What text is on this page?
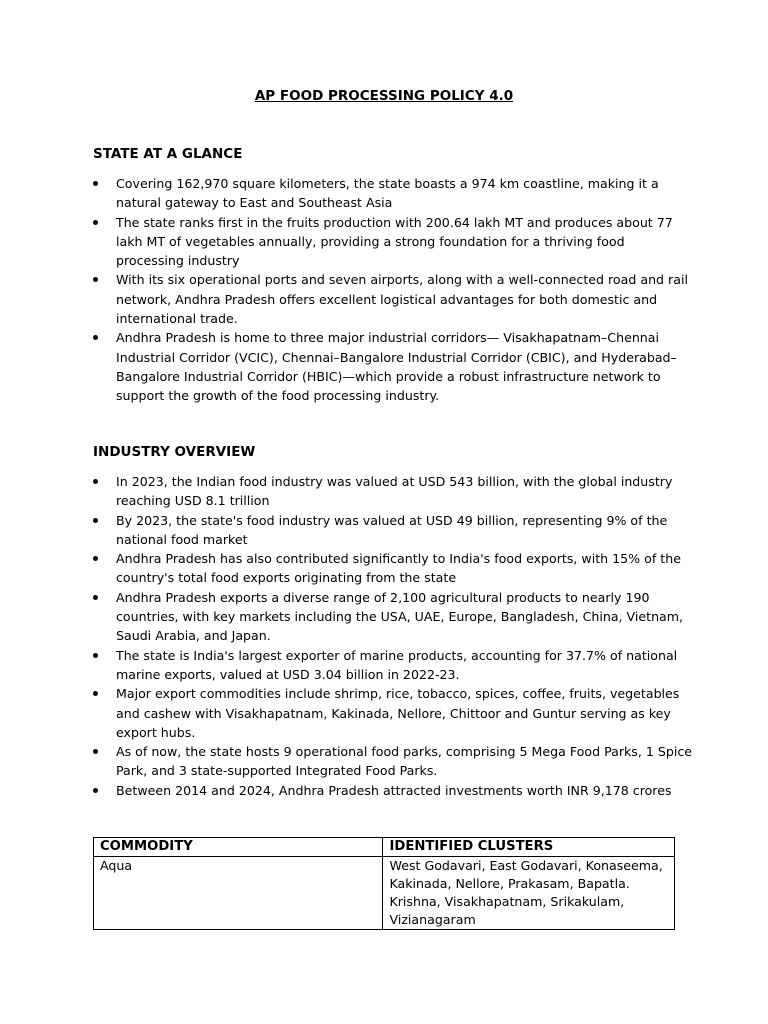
AP FOOD PROCESSING POLICY 4.0
STATE AT A GLANCE
Covering 162,970 square kilometers, the state boasts a 974 km coastline, making it a natural gateway to East and Southeast Asia
The state ranks first in the fruits production with 200.64 lakh MT and produces about 77 lakh MT of vegetables annually, providing a strong foundation for a thriving food processing industry
With its six operational ports and seven airports, along with a well-connected road and rail network, Andhra Pradesh offers excellent logistical advantages for both domestic and international trade.
Andhra Pradesh is home to three major industrial corridors— Visakhapatnam–Chennai Industrial Corridor (VCIC), Chennai–Bangalore Industrial Corridor (CBIC), and Hyderabad–Bangalore Industrial Corridor (HBIC)—which provide a robust infrastructure network to support the growth of the food processing industry.
INDUSTRY OVERVIEW
In 2023, the Indian food industry was valued at USD 543 billion, with the global industry reaching USD 8.1 trillion
By 2023, the state's food industry was valued at USD 49 billion, representing 9% of the national food market
Andhra Pradesh has also contributed significantly to India's food exports, with 15% of the country's total food exports originating from the state
Andhra Pradesh exports a diverse range of 2,100 agricultural products to nearly 190 countries, with key markets including the USA, UAE, Europe, Bangladesh, China, Vietnam, Saudi Arabia, and Japan.
The state is India's largest exporter of marine products, accounting for 37.7% of national marine exports, valued at USD 3.04 billion in 2022-23.
Major export commodities include shrimp, rice, tobacco, spices, coffee, fruits, vegetables and cashew with Visakhapatnam, Kakinada, Nellore, Chittoor and Guntur serving as key export hubs.
As of now, the state hosts 9 operational food parks, comprising 5 Mega Food Parks, 1 Spice Park, and 3 state-supported Integrated Food Parks.
Between 2014 and 2024, Andhra Pradesh attracted investments worth INR 9,178 crores
COMMODITY	IDENTIFIED CLUSTERS
Aqua	West Godavari, East Godavari, Konaseema, Kakinada, Nellore, Prakasam, Bapatla. Krishna, Visakhapatnam, Srikakulam, Vizianagaram
